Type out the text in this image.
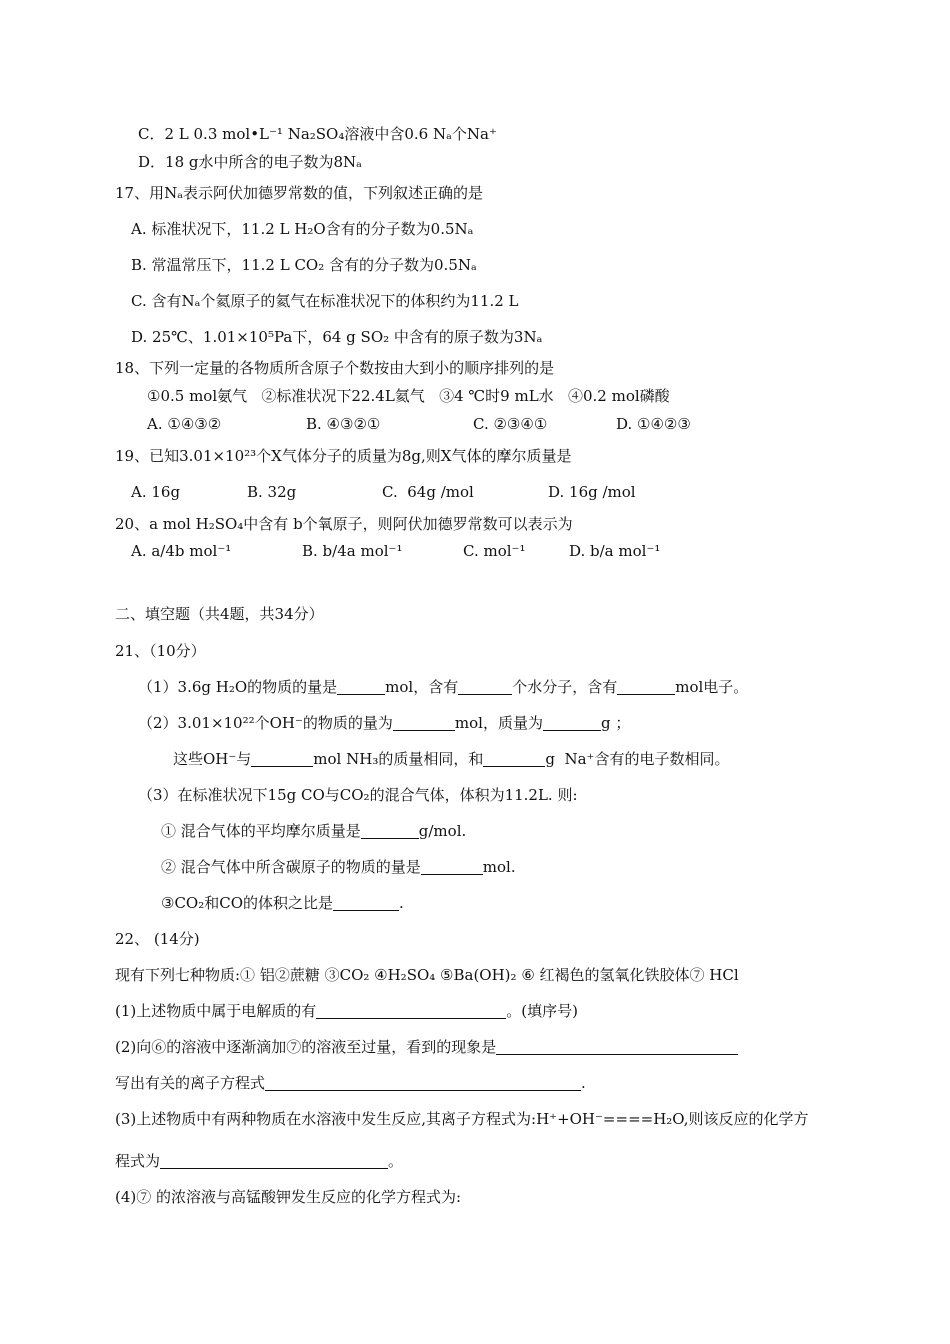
C．2 L 0.3 mol•L⁻¹ Na₂SO₄溶液中含0.6 Nₐ个Na⁺
D．18 g水中所含的电子数为8Nₐ
17、用Nₐ表示阿伏加德罗常数的值，下列叙述正确的是
A. 标准状况下，11.2 L H₂O含有的分子数为0.5Nₐ
B. 常温常压下，11.2 L CO₂ 含有的分子数为0.5Nₐ
C. 含有Nₐ个氦原子的氦气在标准状况下的体积约为11.2 L
D. 25℃、1.01×10⁵Pa下，64 g SO₂ 中含有的原子数为3Nₐ
18、下列一定量的各物质所含原子个数按由大到小的顺序排列的是
①0.5 mol氨气   ②标准状况下22.4L氦气   ③4 ℃时9 mL水   ④0.2 mol磷酸
A. ①④③②	B. ④③②①	C. ②③④①	D. ①④②③
19、已知3.01×10²³个X气体分子的质量为8g,则X气体的摩尔质量是
A. 16g	B. 32g	C.  64g /mol	D. 16g /mol
20、a mol H₂SO₄中含有 b个氧原子，则阿伏加德罗常数可以表示为
A. a/4b mol⁻¹	B. b/4a mol⁻¹	C. mol⁻¹	D. b/a mol⁻¹
二、填空题（共4题，共34分）
21、（10分）
（1）3.6g H₂O的物质的量是	mol，含有	个水分子，含有	mol电子。
（2）3.01×10²²个OH⁻的物质的量为	mol，质量为	g ；
这些OH⁻与	mol NH₃的质量相同，和	g  Na⁺含有的电子数相同。
（3）在标准状况下15g CO与CO₂的混合气体，体积为11.2L. 则:
① 混合气体的平均摩尔质量是	g/mol.
② 混合气体中所含碳原子的物质的量是	mol.
③CO₂和CO的体积之比是	.
22、 (14分)
现有下列七种物质:① 铝②蔗糖 ③CO₂ ④H₂SO₄ ⑤Ba(OH)₂ ⑥ 红褐色的氢氧化铁胶体⑦ HCl
(1)上述物质中属于电解质的有	。(填序号)
(2)向⑥的溶液中逐渐滴加⑦的溶液至过量，看到的现象是
写出有关的离子方程式	.
(3)上述物质中有两种物质在水溶液中发生反应,其离子方程式为:H⁺+OH⁻====H₂O,则该反应的化学方
程式为	。
(4)⑦ 的浓溶液与高锰酸钾发生反应的化学方程式为:
